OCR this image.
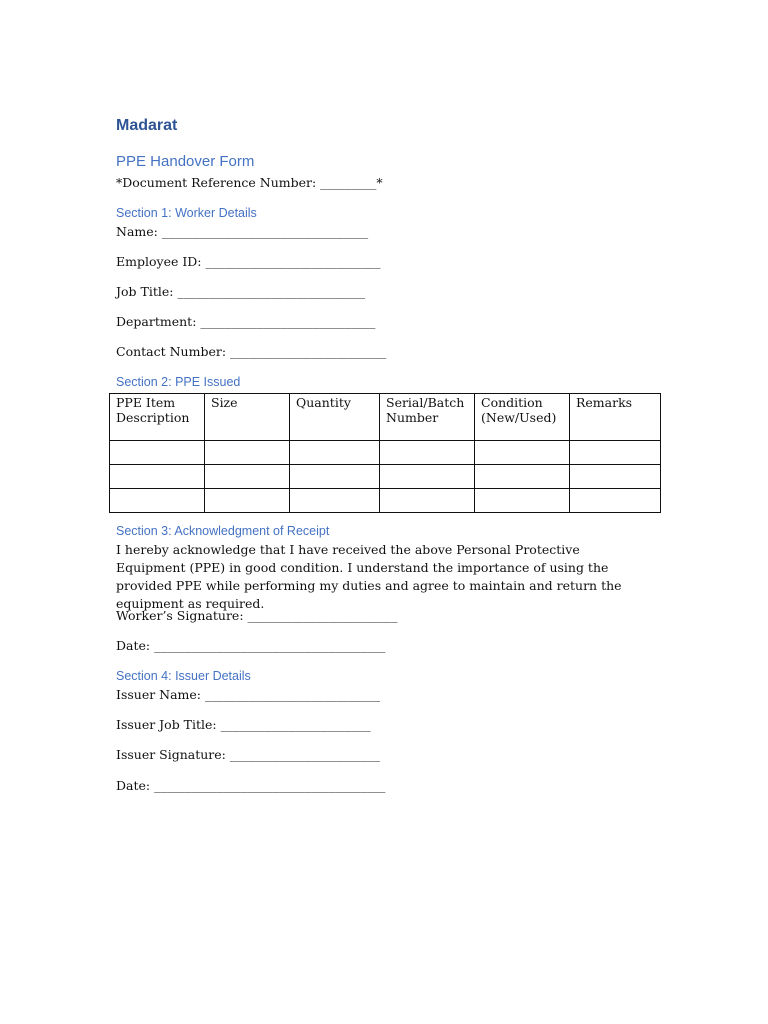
Madarat
PPE Handover Form
*Document Reference Number: _________*
Section 1: Worker Details
Name: _________________________________
Employee ID: ____________________________
Job Title: ______________________________
Department: ____________________________
Contact Number: _________________________
Section 2: PPE Issued
PPE Item Description	Size	Quantity	Serial/Batch Number	Condition (New/Used)	Remarks

Section 3: Acknowledgment of Receipt
I hereby acknowledge that I have received the above Personal Protective Equipment (PPE) in good condition. I understand the importance of using the provided PPE while performing my duties and agree to maintain and return the equipment as required.
Worker’s Signature: ________________________
Date: _____________________________________
Section 4: Issuer Details
Issuer Name: ____________________________
Issuer Job Title: ________________________
Issuer Signature: ________________________
Date: _____________________________________
